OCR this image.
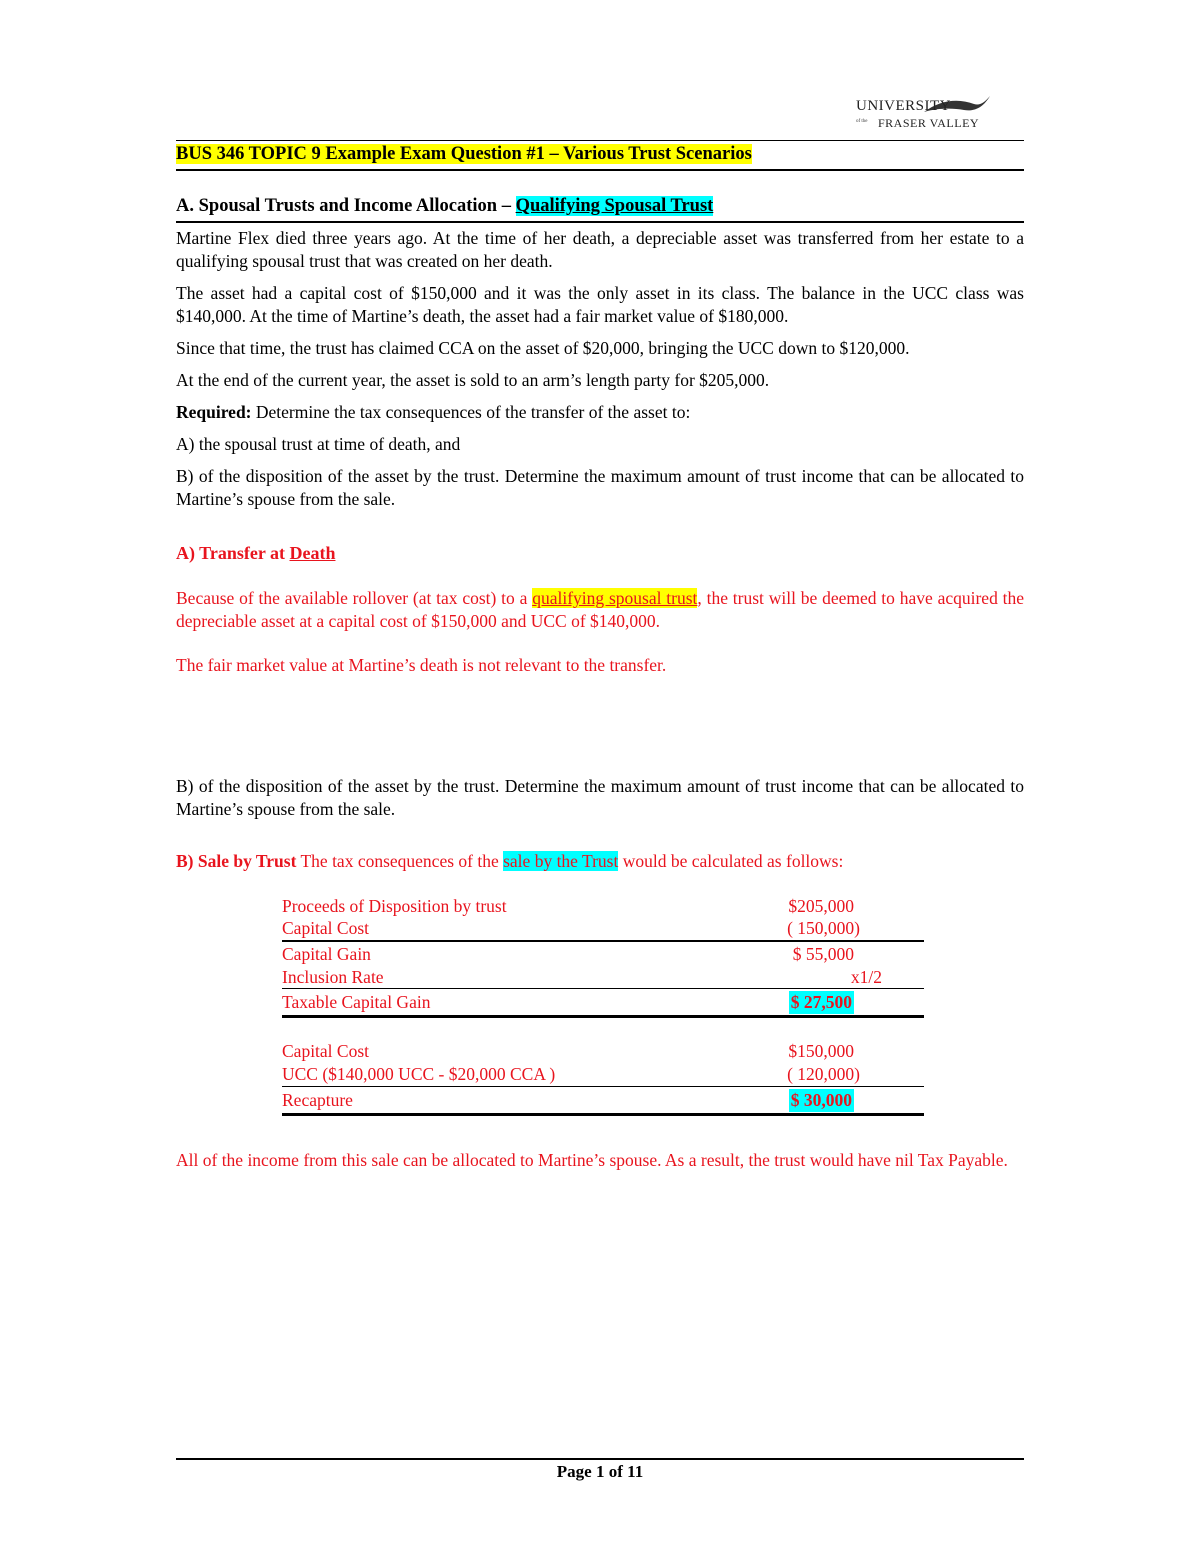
UNIVERSITY
of the FRASER VALLEY
BUS 346 TOPIC 9 Example Exam Question #1 – Various Trust Scenarios
A. Spousal Trusts and Income Allocation – Qualifying Spousal Trust
Martine Flex died three years ago. At the time of her death, a depreciable asset was transferred from her estate to a qualifying spousal trust that was created on her death.
The asset had a capital cost of $150,000 and it was the only asset in its class. The balance in the UCC class was $140,000. At the time of Martine’s death, the asset had a fair market value of $180,000.
Since that time, the trust has claimed CCA on the asset of $20,000, bringing the UCC down to $120,000.
At the end of the current year, the asset is sold to an arm’s length party for $205,000.
Required: Determine the tax consequences of the transfer of the asset to:
A) the spousal trust at time of death, and
B) of the disposition of the asset by the trust. Determine the maximum amount of trust income that can be allocated to Martine’s spouse from the sale.
A) Transfer at Death
Because of the available rollover (at tax cost) to a qualifying spousal trust, the trust will be deemed to have acquired the depreciable asset at a capital cost of $150,000 and UCC of $140,000.
The fair market value at Martine’s death is not relevant to the transfer.
B) of the disposition of the asset by the trust. Determine the maximum amount of trust income that can be allocated to Martine’s spouse from the sale.
B) Sale by Trust The tax consequences of the sale by the Trust would be calculated as follows:
Proceeds of Disposition by trust	$205,000
Capital Cost	( 150,000)
Capital Gain	$ 55,000
Inclusion Rate	x1/2
Taxable Capital Gain	$ 27,500
Capital Cost	$150,000
UCC ($140,000 UCC - $20,000 CCA )	( 120,000)
Recapture	$ 30,000
All of the income from this sale can be allocated to Martine’s spouse. As a result, the trust would have nil Tax Payable.
Page 1 of 11
